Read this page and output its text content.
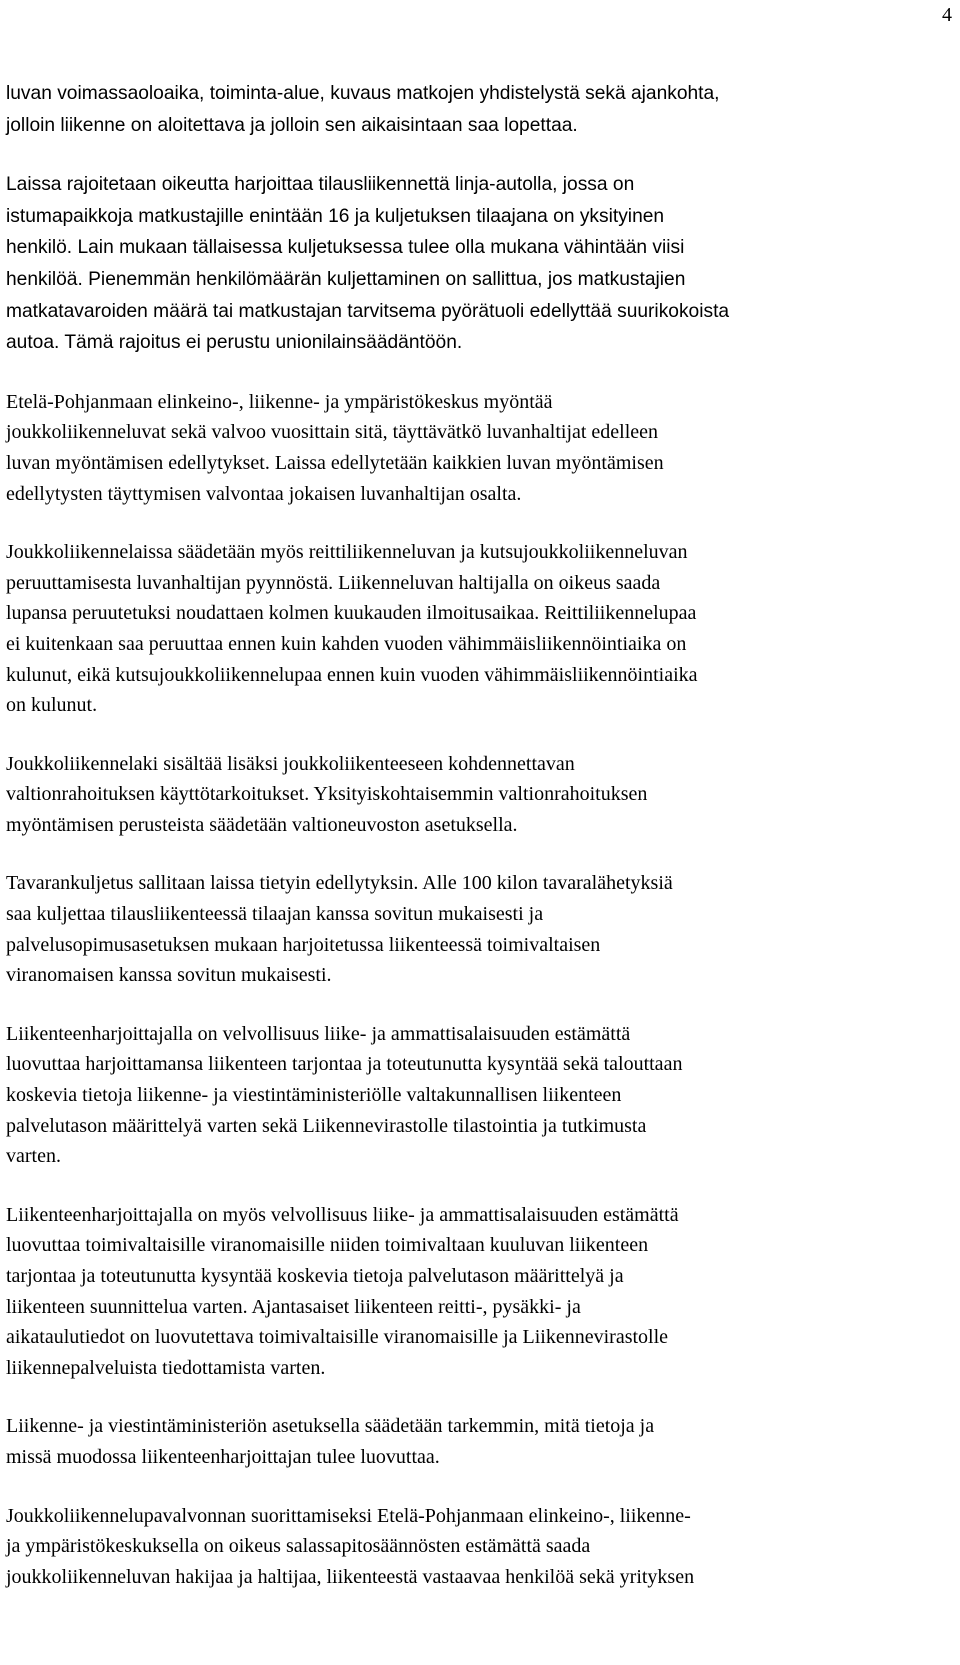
4

luvan voimassaoloaika, toiminta-alue, kuvaus matkojen yhdistelystä sekä ajankohta,
jolloin liikenne on aloitettava ja jolloin sen aikaisintaan saa lopettaa.

Laissa rajoitetaan oikeutta harjoittaa tilausliikennettä linja-autolla, jossa on
istumapaikkoja matkustajille enintään 16 ja kuljetuksen tilaajana on yksityinen
henkilö. Lain mukaan tällaisessa kuljetuksessa tulee olla mukana vähintään viisi
henkilöä. Pienemmän henkilömäärän kuljettaminen on sallittua, jos matkustajien
matkatavaroiden määrä tai matkustajan tarvitsema pyörätuoli edellyttää suurikokoista
autoa. Tämä rajoitus ei perustu unionilainsäädäntöön.

Etelä-Pohjanmaan elinkeino-, liikenne- ja ympäristökeskus myöntää
joukkoliikenneluvat sekä valvoo vuosittain sitä, täyttävätkö luvanhaltijat edelleen
luvan myöntämisen edellytykset. Laissa edellytetään kaikkien luvan myöntämisen
edellytysten täyttymisen valvontaa jokaisen luvanhaltijan osalta.

Joukkoliikennelaissa säädetään myös reittiliikenneluvan ja kutsujoukkoliikenneluvan
peruuttamisesta luvanhaltijan pyynnöstä. Liikenneluvan haltijalla on oikeus saada
lupansa peruutetuksi noudattaen kolmen kuukauden ilmoitusaikaa. Reittiliikennelupaa
ei kuitenkaan saa peruuttaa ennen kuin kahden vuoden vähimmäisliikennöintiaika on
kulunut, eikä kutsujoukkoliikennelupaa ennen kuin vuoden vähimmäisliikennöintiaika
on kulunut.

Joukkoliikennelaki sisältää lisäksi joukkoliikenteeseen kohdennettavan
valtionrahoituksen käyttötarkoitukset. Yksityiskohtaisemmin valtionrahoituksen
myöntämisen perusteista säädetään valtioneuvoston asetuksella.

Tavarankuljetus sallitaan laissa tietyin edellytyksin. Alle 100 kilon tavaralähetyksiä
saa kuljettaa tilausliikenteessä tilaajan kanssa sovitun mukaisesti ja
palvelusopimusasetuksen mukaan harjoitetussa liikenteessä toimivaltaisen
viranomaisen kanssa sovitun mukaisesti.

Liikenteenharjoittajalla on velvollisuus liike- ja ammattisalaisuuden estämättä
luovuttaa harjoittamansa liikenteen tarjontaa ja toteutunutta kysyntää sekä talouttaan
koskevia tietoja liikenne- ja viestintäministeriölle valtakunnallisen liikenteen
palvelutason määrittelyä varten sekä Liikennevirastolle tilastointia ja tutkimusta
varten.

Liikenteenharjoittajalla on myös velvollisuus liike- ja ammattisalaisuuden estämättä
luovuttaa toimivaltaisille viranomaisille niiden toimivaltaan kuuluvan liikenteen
tarjontaa ja toteutunutta kysyntää koskevia tietoja palvelutason määrittelyä ja
liikenteen suunnittelua varten. Ajantasaiset liikenteen reitti-, pysäkki- ja
aikataulutiedot on luovutettava toimivaltaisille viranomaisille ja Liikennevirastolle
liikennepalveluista tiedottamista varten.

Liikenne- ja viestintäministeriön asetuksella säädetään tarkemmin, mitä tietoja ja
missä muodossa liikenteenharjoittajan tulee luovuttaa.

Joukkoliikennelupavalvonnan suorittamiseksi Etelä-Pohjanmaan elinkeino-, liikenne-
ja ympäristökeskuksella on oikeus salassapitosäännösten estämättä saada
joukkoliikenneluvan hakijaa ja haltijaa, liikenteestä vastaavaa henkilöä sekä yrityksen
